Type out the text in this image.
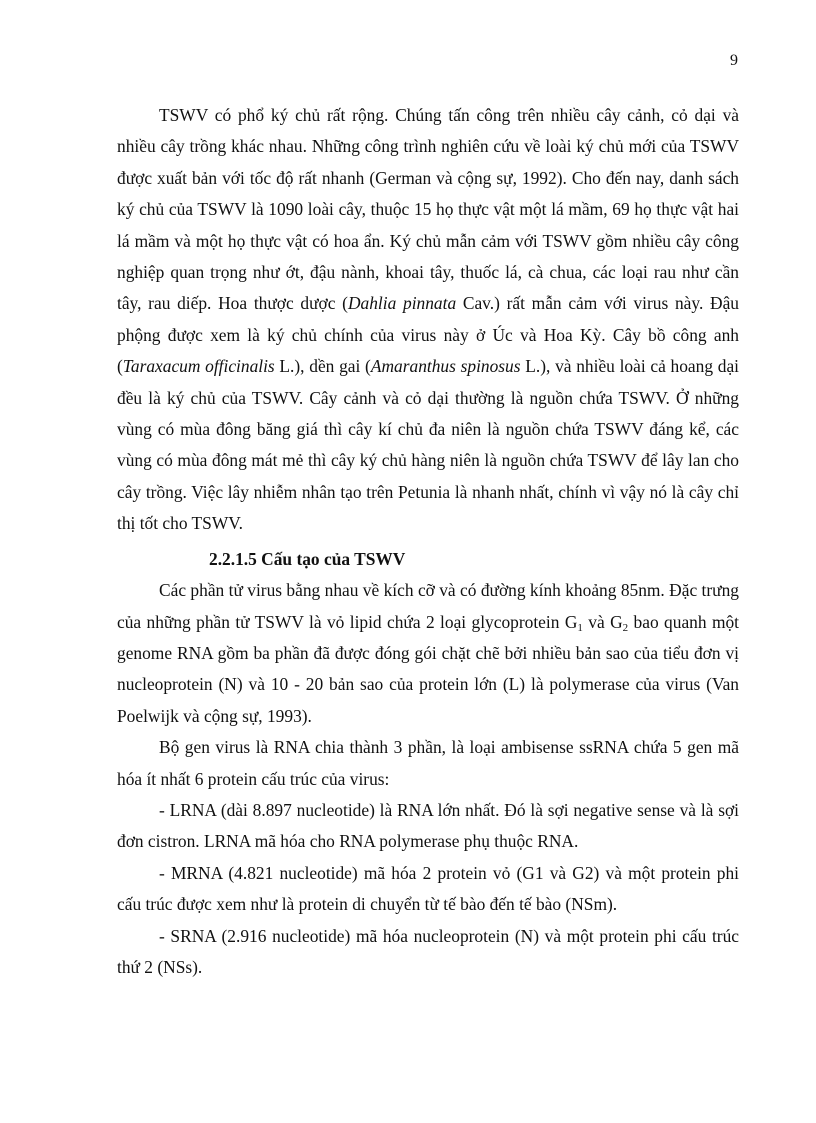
9

TSWV có phổ ký chủ rất rộng. Chúng tấn công trên nhiều cây cảnh, cỏ dại và nhiều cây trồng khác nhau. Những công trình nghiên cứu về loài ký chủ mới của TSWV được xuất bản với tốc độ rất nhanh (German và cộng sự, 1992). Cho đến nay, danh sách ký chủ của TSWV là 1090 loài cây, thuộc 15 họ thực vật một lá mầm, 69 họ thực vật hai lá mầm và một họ thực vật có hoa ẩn. Ký chủ mẫn cảm với TSWV gồm nhiều cây công nghiệp quan trọng như ớt, đậu nành, khoai tây, thuốc lá, cà chua, các loại rau như cần tây, rau diếp. Hoa thược dược (Dahlia pinnata Cav.) rất mẫn cảm với virus này. Đậu phộng được xem là ký chủ chính của virus này ở Úc và Hoa Kỳ. Cây bồ công anh (Taraxacum officinalis L.), dền gai (Amaranthus spinosus L.), và nhiều loài cả hoang dại đều là ký chủ của TSWV. Cây cảnh và cỏ dại thường là nguồn chứa TSWV. Ở những vùng có mùa đông băng giá thì cây kí chủ đa niên là nguồn chứa TSWV đáng kể, các vùng có mùa đông mát mẻ thì cây ký chủ hàng niên là nguồn chứa TSWV để lây lan cho cây trồng. Việc lây nhiễm nhân tạo trên Petunia là nhanh nhất, chính vì vậy nó là cây chỉ thị tốt cho TSWV.

2.2.1.5 Cấu tạo của TSWV

Các phần tử virus bằng nhau về kích cỡ và có đường kính khoảng 85nm. Đặc trưng của những phần tử TSWV là vỏ lipid chứa 2 loại glycoprotein $G_1$ và $G_2$ bao quanh một genome RNA gồm ba phần đã được đóng gói chặt chẽ bởi nhiều bản sao của tiểu đơn vị nucleoprotein (N) và 10 - 20 bản sao của protein lớn (L) là polymerase của virus (Van Poelwijk và cộng sự, 1993).

Bộ gen virus là RNA chia thành 3 phần, là loại ambisense ssRNA chứa 5 gen mã hóa ít nhất 6 protein cấu trúc của virus:

- LRNA (dài 8.897 nucleotide) là RNA lớn nhất. Đó là sợi negative sense và là sợi đơn cistron. LRNA mã hóa cho RNA polymerase phụ thuộc RNA.

- MRNA (4.821 nucleotide) mã hóa 2 protein vỏ (G1 và G2) và một protein phi cấu trúc được xem như là protein di chuyển từ tế bào đến tế bào (NSm).

- SRNA (2.916 nucleotide) mã hóa nucleoprotein (N) và một protein phi cấu trúc thứ 2 (NSs).
